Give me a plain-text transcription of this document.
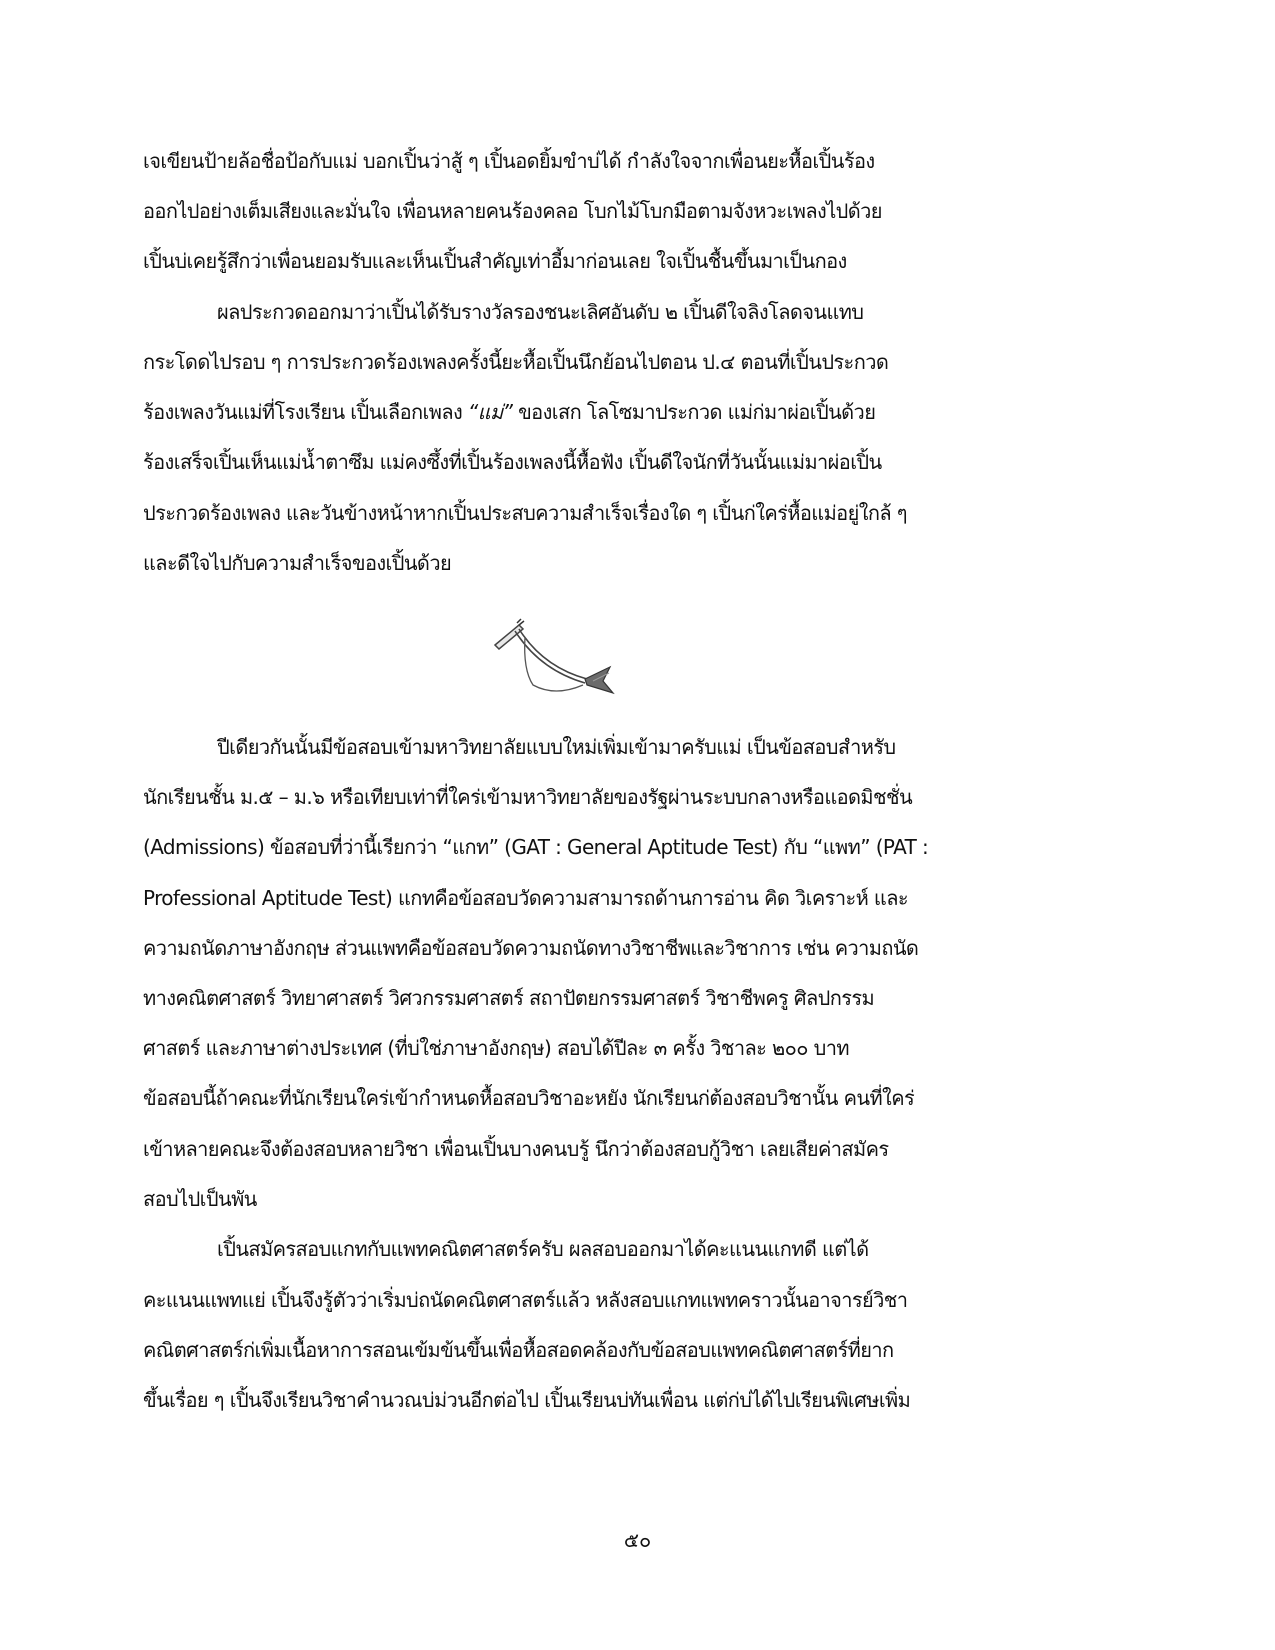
เจเขียนป้ายล้อชื่อป้อกับแม่ บอกเปิ้นว่าสู้ ๆ เปิ้นอดยิ้มขำบ่ได้ กำลังใจจากเพื่อนยะหื้อเปิ้นร้อง
ออกไปอย่างเต็มเสียงและมั่นใจ เพื่อนหลายคนร้องคลอ โบกไม้โบกมือตามจังหวะเพลงไปด้วย
เปิ้นบ่เคยรู้สึกว่าเพื่อนยอมรับและเห็นเปิ้นสำคัญเท่าอี้มาก่อนเลย ใจเปิ้นชื้นขึ้นมาเป็นกอง
ผลประกวดออกมาว่าเปิ้นได้รับรางวัลรองชนะเลิศอันดับ ๒ เปิ้นดีใจลิงโลดจนแทบ
กระโดดไปรอบ ๆ การประกวดร้องเพลงครั้งนี้ยะหื้อเปิ้นนึกย้อนไปตอน ป.๔ ตอนที่เปิ้นประกวด
ร้องเพลงวันแม่ที่โรงเรียน เปิ้นเลือกเพลง “แม่” ของเสก โลโซมาประกวด แม่ก่มาผ่อเปิ้นด้วย
ร้องเสร็จเปิ้นเห็นแม่น้ำตาซึม แม่คงซึ้งที่เปิ้นร้องเพลงนี้หื้อฟัง เปิ้นดีใจนักที่วันนั้นแม่มาผ่อเปิ้น
ประกวดร้องเพลง และวันข้างหน้าหากเปิ้นประสบความสำเร็จเรื่องใด ๆ เปิ้นก่ใคร่หื้อแม่อยู่ใกล้ ๆ
และดีใจไปกับความสำเร็จของเปิ้นด้วย
ปีเดียวกันนั้นมีข้อสอบเข้ามหาวิทยาลัยแบบใหม่เพิ่มเข้ามาครับแม่ เป็นข้อสอบสำหรับ
นักเรียนชั้น ม.๕ – ม.๖ หรือเทียบเท่าที่ใคร่เข้ามหาวิทยาลัยของรัฐผ่านระบบกลางหรือแอดมิชชั่น
(Admissions) ข้อสอบที่ว่านี้เรียกว่า “แกท” (GAT : General Aptitude Test) กับ “แพท” (PAT :
Professional Aptitude Test) แกทคือข้อสอบวัดความสามารถด้านการอ่าน คิด วิเคราะห์ และ
ความถนัดภาษาอังกฤษ ส่วนแพทคือข้อสอบวัดความถนัดทางวิชาชีพและวิชาการ เช่น ความถนัด
ทางคณิตศาสตร์ วิทยาศาสตร์ วิศวกรรมศาสตร์ สถาปัตยกรรมศาสตร์ วิชาชีพครู ศิลปกรรม
ศาสตร์ และภาษาต่างประเทศ (ที่บ่ใช่ภาษาอังกฤษ) สอบได้ปีละ ๓ ครั้ง วิชาละ ๒๐๐ บาท
ข้อสอบนี้ถ้าคณะที่นักเรียนใคร่เข้ากำหนดหื้อสอบวิชาอะหยัง นักเรียนก่ต้องสอบวิชานั้น คนที่ใคร่
เข้าหลายคณะจึงต้องสอบหลายวิชา เพื่อนเปิ้นบางคนบรู้ นึกว่าต้องสอบกู้วิชา เลยเสียค่าสมัคร
สอบไปเป็นพัน
เปิ้นสมัครสอบแกทกับแพทคณิตศาสตร์ครับ ผลสอบออกมาได้คะแนนแกทดี แต่ได้
คะแนนแพทแย่ เปิ้นจึงรู้ตัวว่าเริ่มบ่ถนัดคณิตศาสตร์แล้ว หลังสอบแกทแพทคราวนั้นอาจารย์วิชา
คณิตศาสตร์ก่เพิ่มเนื้อหาการสอนเข้มข้นขึ้นเพื่อหื้อสอดคล้องกับข้อสอบแพทคณิตศาสตร์ที่ยาก
ขึ้นเรื่อย ๆ เปิ้นจึงเรียนวิชาคำนวณบ่ม่วนอีกต่อไป เปิ้นเรียนบ่ทันเพื่อน แต่ก่บ่ได้ไปเรียนพิเศษเพิ่ม
๕๐
